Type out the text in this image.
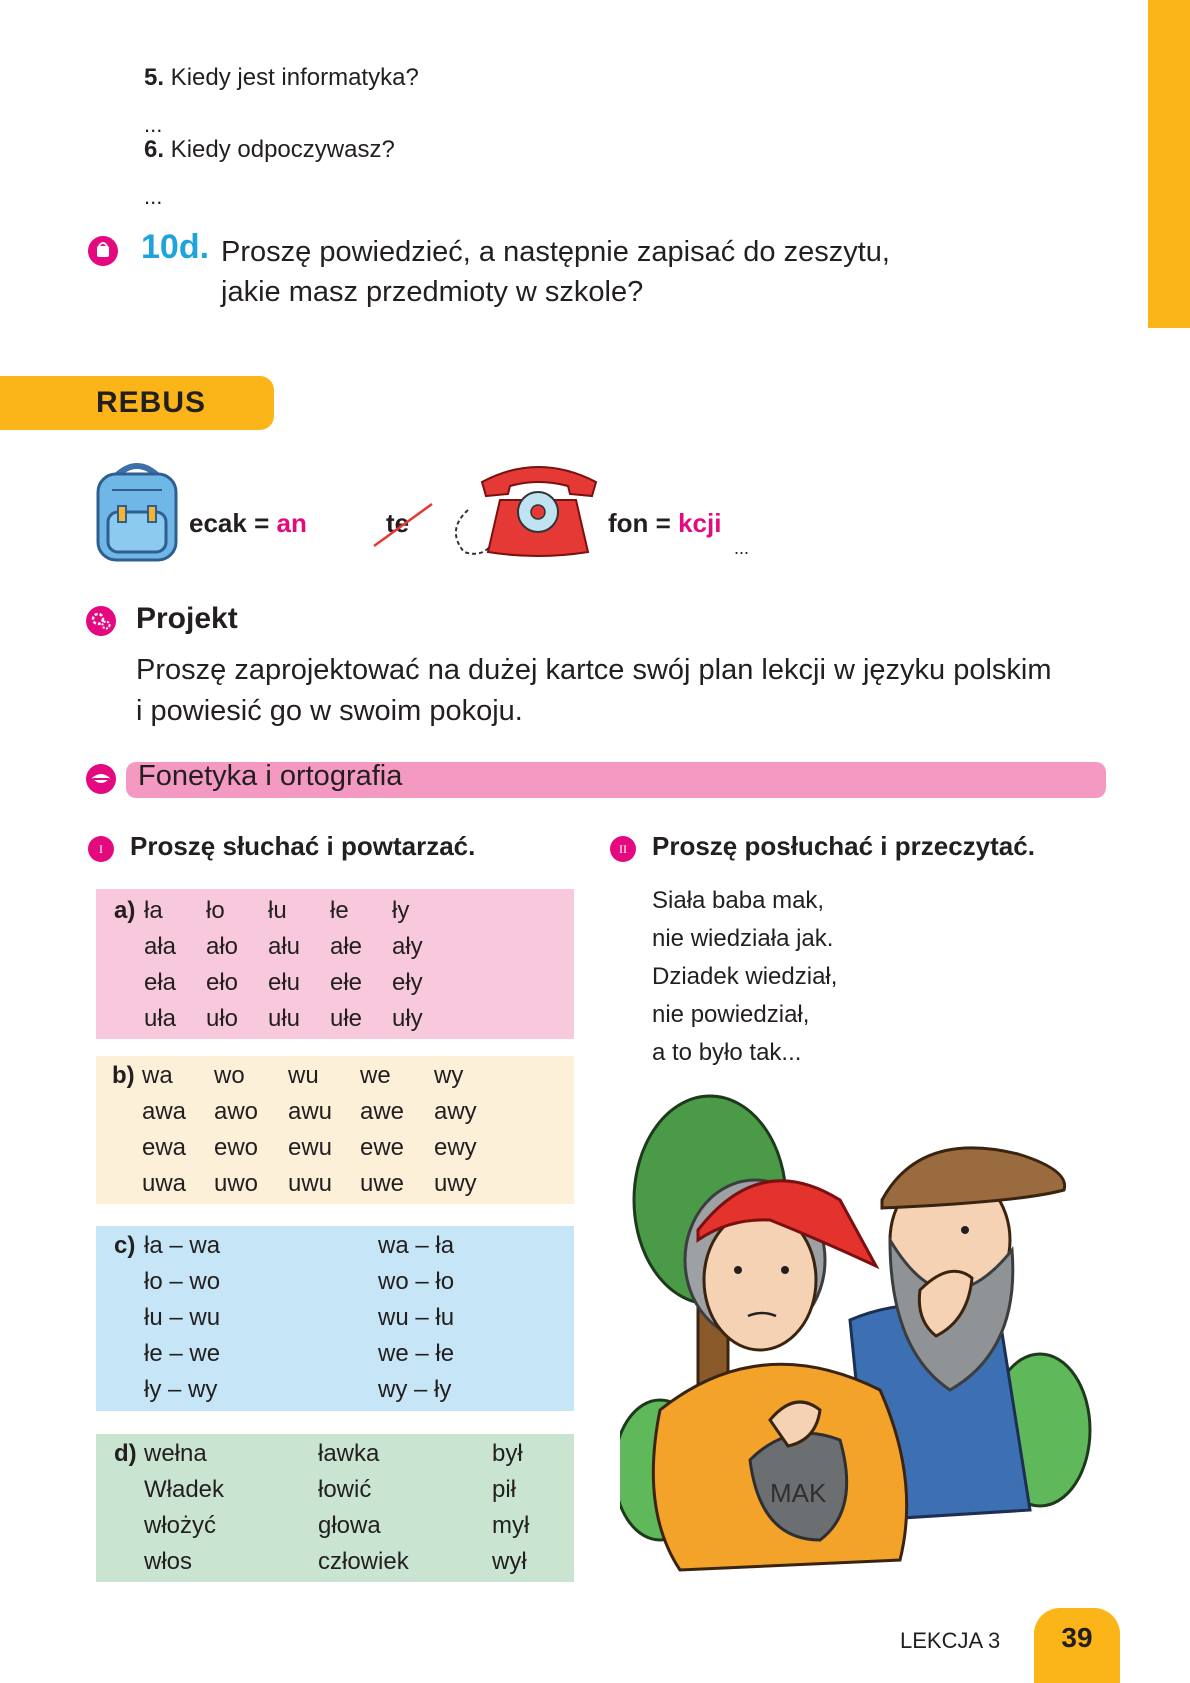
5. Kiedy jest informatyka?
...
6. Kiedy odpoczywasz?
...
10d. Proszę powiedzieć, a następnie zapisać do zeszytu,
jakie masz przedmioty w szkole?
REBUS
ecak = an	te	fon = kcji
...
Projekt
Proszę zaprojektować na dużej kartce swój plan lekcji w języku polskim
i powiesić go w swoim pokoju.
Fonetyka i ortografia
I	Proszę słuchać i powtarzać.
a) ła ło łu łe ły
ała ało ału ałe ały
eła eło ełu ełe eły
uła uło ułu ułe uły
b) wa wo wu we wy
awa awo awu awe awy
ewa ewo ewu ewe ewy
uwa uwo uwu uwe uwy
c) ła – wa	wa – ła
ło – wo	wo – ło
łu – wu	wu – łu
łe – we	we – łe
ły – wy	wy – ły
d) wełna	ławka	był
Władek	łowić	pił
włożyć	głowa	mył
włos	człowiek	wył
II Proszę posłuchać i przeczytać.
Siała baba mak,
nie wiedziała jak.
Dziadek wiedział,
nie powiedział,
a to było tak...
MAK
LEKCJA 3	39
